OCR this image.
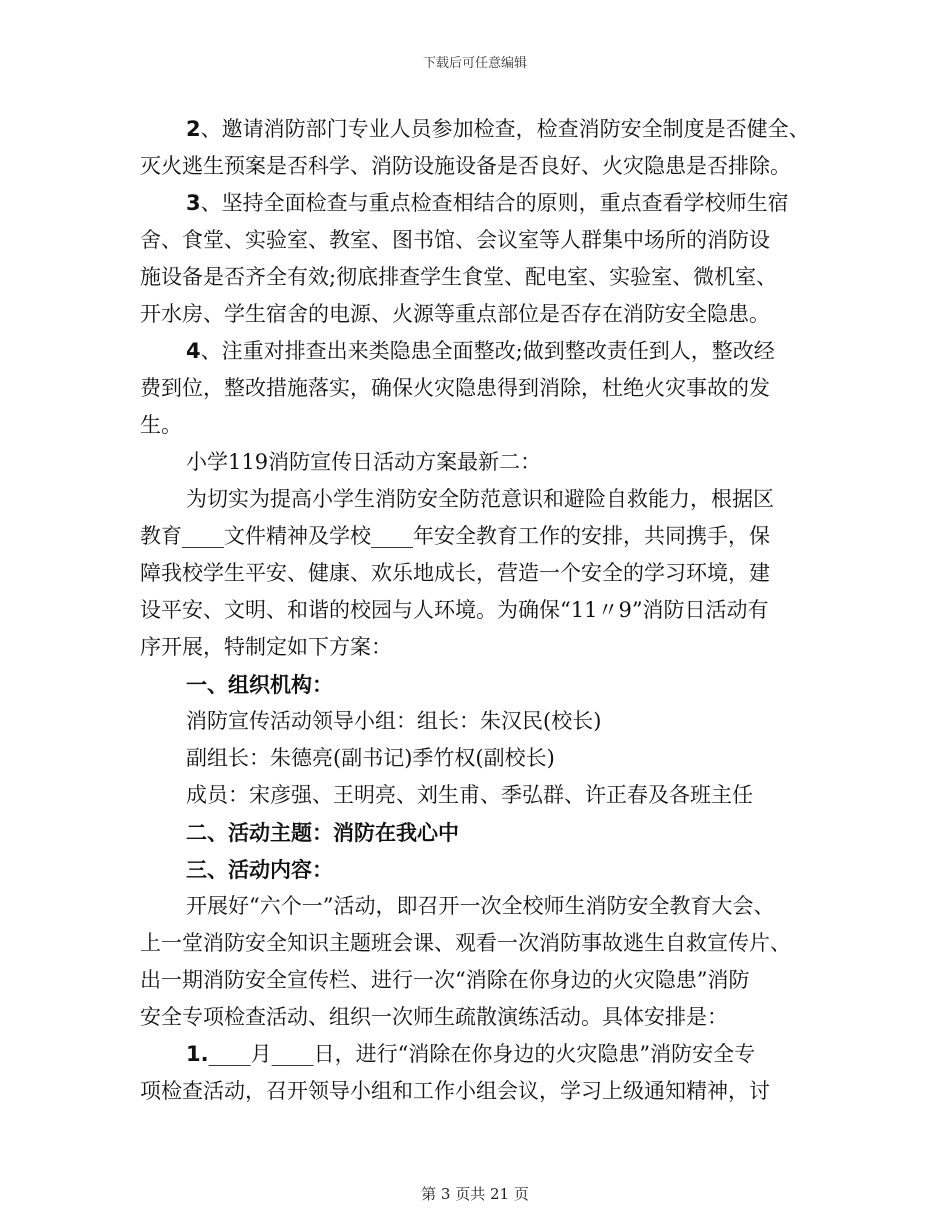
下载后可任意编辑

2、邀请消防部门专业人员参加检查，检查消防安全制度是否健全、

灭火逃生预案是否科学、消防设施设备是否良好、火灾隐患是否排除。

3、坚持全面检查与重点检查相结合的原则，重点查看学校师生宿

舍、食堂、实验室、教室、图书馆、会议室等人群集中场所的消防设

施设备是否齐全有效;彻底排查学生食堂、配电室、实验室、微机室、

开水房、学生宿舍的电源、火源等重点部位是否存在消防安全隐患。

4、注重对排查出来类隐患全面整改;做到整改责任到人，整改经

费到位，整改措施落实，确保火灾隐患得到消除，杜绝火灾事故的发

生。

小学119消防宣传日活动方案最新二：

为切实为提高小学生消防安全防范意识和避险自救能力，根据区

教育____文件精神及学校____年安全教育工作的安排，共同携手，保

障我校学生平安、健康、欢乐地成长，营造一个安全的学习环境，建

设平安、文明、和谐的校园与人环境。为确保“11〃9”消防日活动有

序开展，特制定如下方案：

一、组织机构：

消防宣传活动领导小组：组长：朱汉民(校长)

副组长：朱德亮(副书记)季竹权(副校长)

成员：宋彦强、王明亮、刘生甫、季弘群、许正春及各班主任

二、活动主题：消防在我心中

三、活动内容：

开展好“六个一”活动，即召开一次全校师生消防安全教育大会、

上一堂消防安全知识主题班会课、观看一次消防事故逃生自救宣传片、

出一期消防安全宣传栏、进行一次“消除在你身边的火灾隐患”消防

安全专项检查活动、组织一次师生疏散演练活动。具体安排是：

1.____月____日，进行“消除在你身边的火灾隐患”消防安全专

项检查活动，召开领导小组和工作小组会议，学习上级通知精神，讨

第 3 页共 21 页
